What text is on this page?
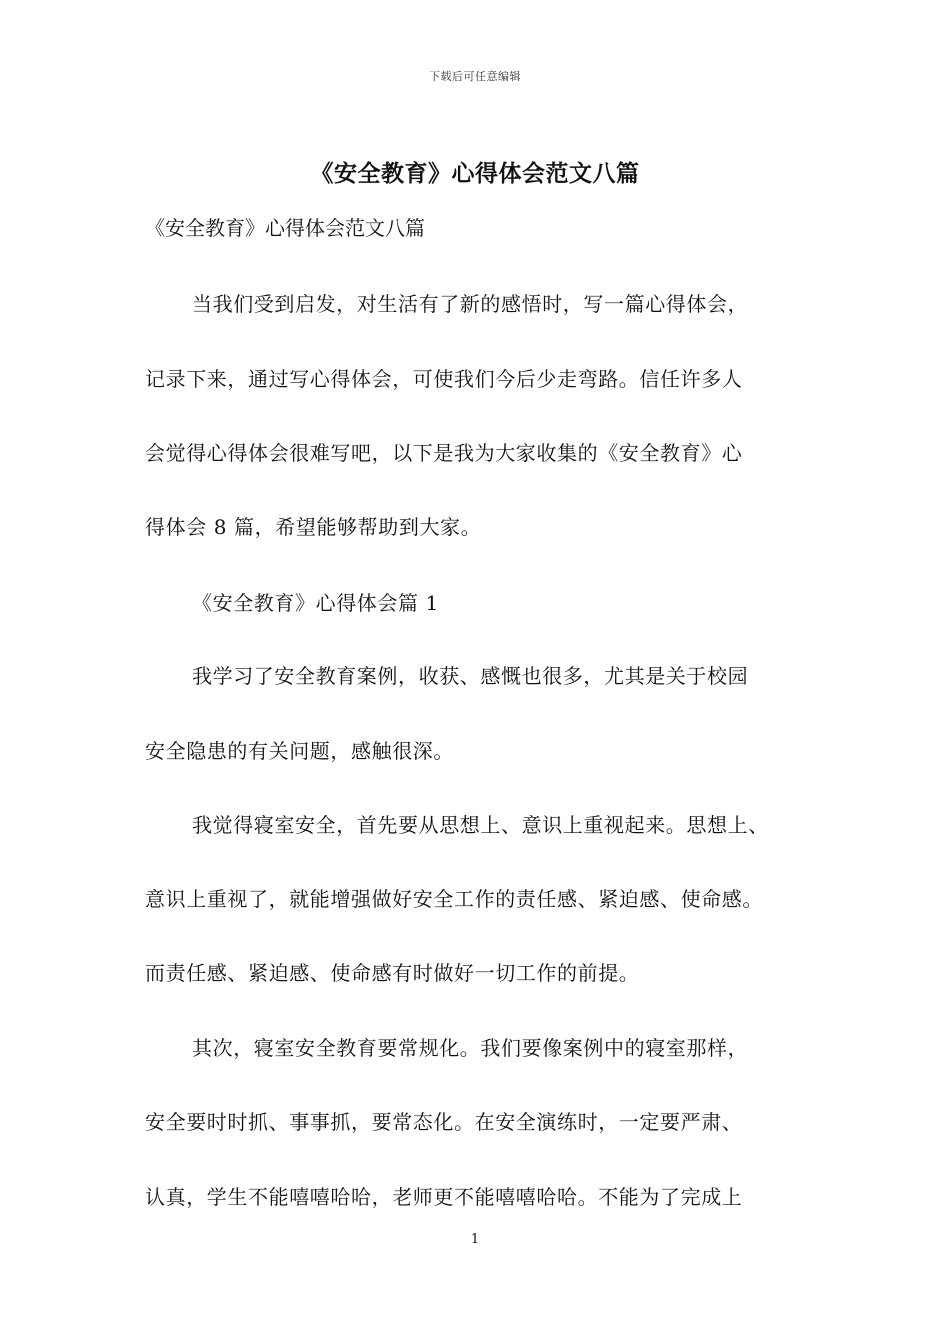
下载后可任意编辑
《安全教育》心得体会范文八篇
《安全教育》心得体会范文八篇
当我们受到启发，对生活有了新的感悟时，写一篇心得体会，
记录下来，通过写心得体会，可使我们今后少走弯路。信任许多人
会觉得心得体会很难写吧，以下是我为大家收集的《安全教育》心
得体会 8 篇，希望能够帮助到大家。
《安全教育》心得体会篇 1
我学习了安全教育案例，收获、感慨也很多，尤其是关于校园
安全隐患的有关问题，感触很深。
我觉得寝室安全，首先要从思想上、意识上重视起来。思想上、
意识上重视了，就能增强做好安全工作的责任感、紧迫感、使命感。
而责任感、紧迫感、使命感有时做好一切工作的前提。
其次，寝室安全教育要常规化。我们要像案例中的寝室那样，
安全要时时抓、事事抓，要常态化。在安全演练时，一定要严肃、
认真，学生不能嘻嘻哈哈，老师更不能嘻嘻哈哈。不能为了完成上
1
